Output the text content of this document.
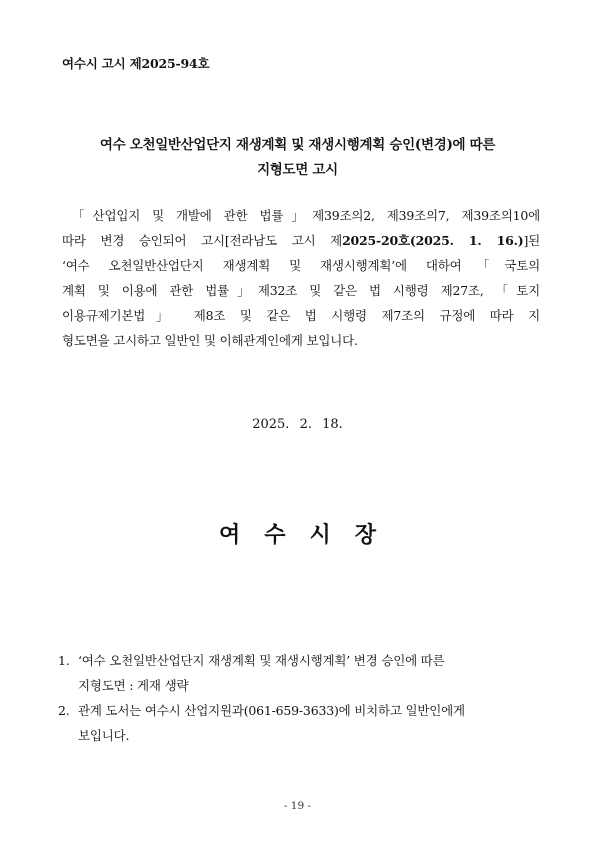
여수시 고시 제2025-94호
여수 오천일반산업단지 재생계획 및 재생시행계획 승인(변경)에 따른
지형도면 고시
「산업입지 및 개발에 관한 법률」제39조의2, 제39조의7, 제39조의10에
따라 변경 승인되어 고시[전라남도 고시 제2025-20호(2025. 1. 16.)]된
‘여수 오천일반산업단지 재생계획 및 재생시행계획’에 대하여「국토의
계획 및 이용에 관한 법률」제32조 및 같은 법 시행령 제27조, 「토지
이용규제기본법」 제8조 및 같은 법 시행령 제7조의 규정에 따라 지
형도면을 고시하고 일반인 및 이해관계인에게 보입니다.
2025. 2. 18.
여수시장
1. ‘여수 오천일반산업단지 재생계획 및 재생시행계획’ 변경 승인에 따른
지형도면 : 게재 생략
2. 관계 도서는 여수시 산업지원과(061-659-3633)에 비치하고 일반인에게
보입니다.
- 19 -
